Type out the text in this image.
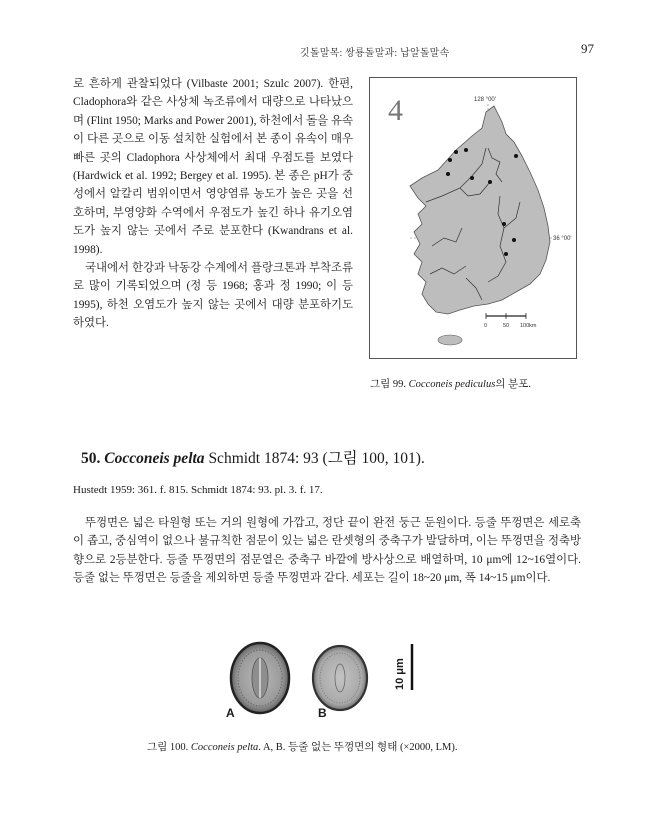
깃돌말목: 쌍룡돌말과: 납알돌말속	97

로 흔하게 관찰되었다 (Vilbaste 2001; Szulc 2007). 한편, Cladophora와 같은 사상체 녹조류에서 대량으로 나타났으며 (Flint 1950; Marks and Power 2001), 하천에서 돌을 유속이 다른 곳으로 이동 설치한 실험에서 본 종이 유속이 매우 빠른 곳의 Cladophora 사상체에서 최대 우점도를 보였다 (Hardwick et al. 1992; Bergey et al. 1995). 본 종은 pH가 중성에서 알칼리 범위이면서 영양염류 농도가 높은 곳을 선호하며, 부영양화 수역에서 우점도가 높긴 하나 유기오염도가 높지 않는 곳에서 주로 분포한다 (Kwandrans et al. 1998).

국내에서 한강과 낙동강 수계에서 플랑크톤과 부착조류로 많이 기록되었으며 (정 등 1968; 홍과 정 1990; 이 등 1995), 하천 오염도가 높지 않는 곳에서 대량 분포하기도 하였다.

4	128 °00'
36 °00'
0	50 100km
그림 99. Cocconeis pediculus의 분포.
50. Cocconeis pelta Schmidt 1874: 93 (그림 100, 101).
Hustedt 1959: 361. f. 815. Schmidt 1874: 93. pl. 3. f. 17.

뚜껑면은 넓은 타원형 또는 거의 원형에 가깝고, 정단 끝이 완전 둥근 둔원이다. 등줄 뚜껑면은 세로축이 좁고, 중심역이 없으나 불규칙한 점문이 있는 넓은 란셋형의 중축구가 발달하며, 이는 뚜껑면을 정축방향으로 2등분한다. 등줄 뚜껑면의 점문열은 중축구 바깥에 방사상으로 배열하며, 10 μm에 12~16열이다. 등줄 없는 뚜껑면은 등줄을 제외하면 등줄 뚜껑면과 같다. 세포는 길이 18~20 μm, 폭 14~15 μm이다.

A	B
10 μm
그림 100. Cocconeis pelta. A, B. 등줄 없는 뚜껑면의 형태 (×2000, LM).
